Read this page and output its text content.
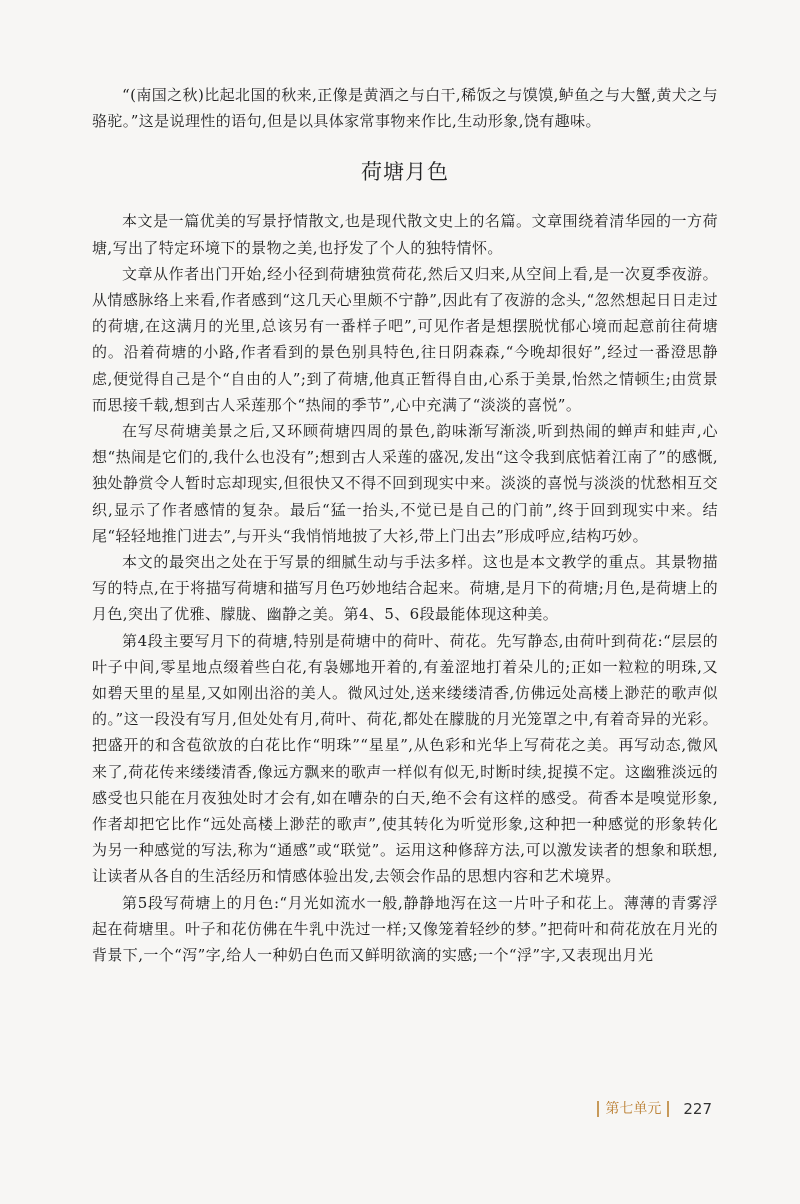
“(南国之秋)比起北国的秋来,正像是黄酒之与白干,稀饭之与馍馍,鲈鱼之与大蟹,黄犬之与骆驼。”这是说理性的语句,但是以具体家常事物来作比,生动形象,饶有趣味。

荷塘月色

本文是一篇优美的写景抒情散文,也是现代散文史上的名篇。文章围绕着清华园的一方荷塘,写出了特定环境下的景物之美,也抒发了个人的独特情怀。

文章从作者出门开始,经小径到荷塘独赏荷花,然后又归来,从空间上看,是一次夏季夜游。从情感脉络上来看,作者感到“这几天心里颇不宁静”,因此有了夜游的念头,“忽然想起日日走过的荷塘,在这满月的光里,总该另有一番样子吧”,可见作者是想摆脱忧郁心境而起意前往荷塘的。沿着荷塘的小路,作者看到的景色别具特色,往日阴森森,“今晚却很好”,经过一番澄思静虑,便觉得自己是个“自由的人”;到了荷塘,他真正暂得自由,心系于美景,怡然之情顿生;由赏景而思接千载,想到古人采莲那个“热闹的季节”,心中充满了“淡淡的喜悦”。

在写尽荷塘美景之后,又环顾荷塘四周的景色,韵味渐写渐淡,听到热闹的蝉声和蛙声,心想“热闹是它们的,我什么也没有”;想到古人采莲的盛况,发出“这令我到底惦着江南了”的感慨,独处静赏令人暂时忘却现实,但很快又不得不回到现实中来。淡淡的喜悦与淡淡的忧愁相互交织,显示了作者感情的复杂。最后“猛一抬头,不觉已是自己的门前”,终于回到现实中来。结尾“轻轻地推门进去”,与开头“我悄悄地披了大衫,带上门出去”形成呼应,结构巧妙。

本文的最突出之处在于写景的细腻生动与手法多样。这也是本文教学的重点。其景物描写的特点,在于将描写荷塘和描写月色巧妙地结合起来。荷塘,是月下的荷塘;月色,是荷塘上的月色,突出了优雅、朦胧、幽静之美。第4、5、6段最能体现这种美。

第4段主要写月下的荷塘,特别是荷塘中的荷叶、荷花。先写静态,由荷叶到荷花:“层层的叶子中间,零星地点缀着些白花,有袅娜地开着的,有羞涩地打着朵儿的;正如一粒粒的明珠,又如碧天里的星星,又如刚出浴的美人。微风过处,送来缕缕清香,仿佛远处高楼上渺茫的歌声似的。”这一段没有写月,但处处有月,荷叶、荷花,都处在朦胧的月光笼罩之中,有着奇异的光彩。把盛开的和含苞欲放的白花比作“明珠”“星星”,从色彩和光华上写荷花之美。再写动态,微风来了,荷花传来缕缕清香,像远方飘来的歌声一样似有似无,时断时续,捉摸不定。这幽雅淡远的感受也只能在月夜独处时才会有,如在嘈杂的白天,绝不会有这样的感受。荷香本是嗅觉形象,作者却把它比作“远处高楼上渺茫的歌声”,使其转化为听觉形象,这种把一种感觉的形象转化为另一种感觉的写法,称为“通感”或“联觉”。运用这种修辞方法,可以激发读者的想象和联想,让读者从各自的生活经历和情感体验出发,去领会作品的思想内容和艺术境界。

第5段写荷塘上的月色:“月光如流水一般,静静地泻在这一片叶子和花上。薄薄的青雾浮起在荷塘里。叶子和花仿佛在牛乳中洗过一样;又像笼着轻纱的梦。”把荷叶和荷花放在月光的背景下,一个“泻”字,给人一种奶白色而又鲜明欲滴的实感;一个“浮”字,又表现出月光

第七单元	227
